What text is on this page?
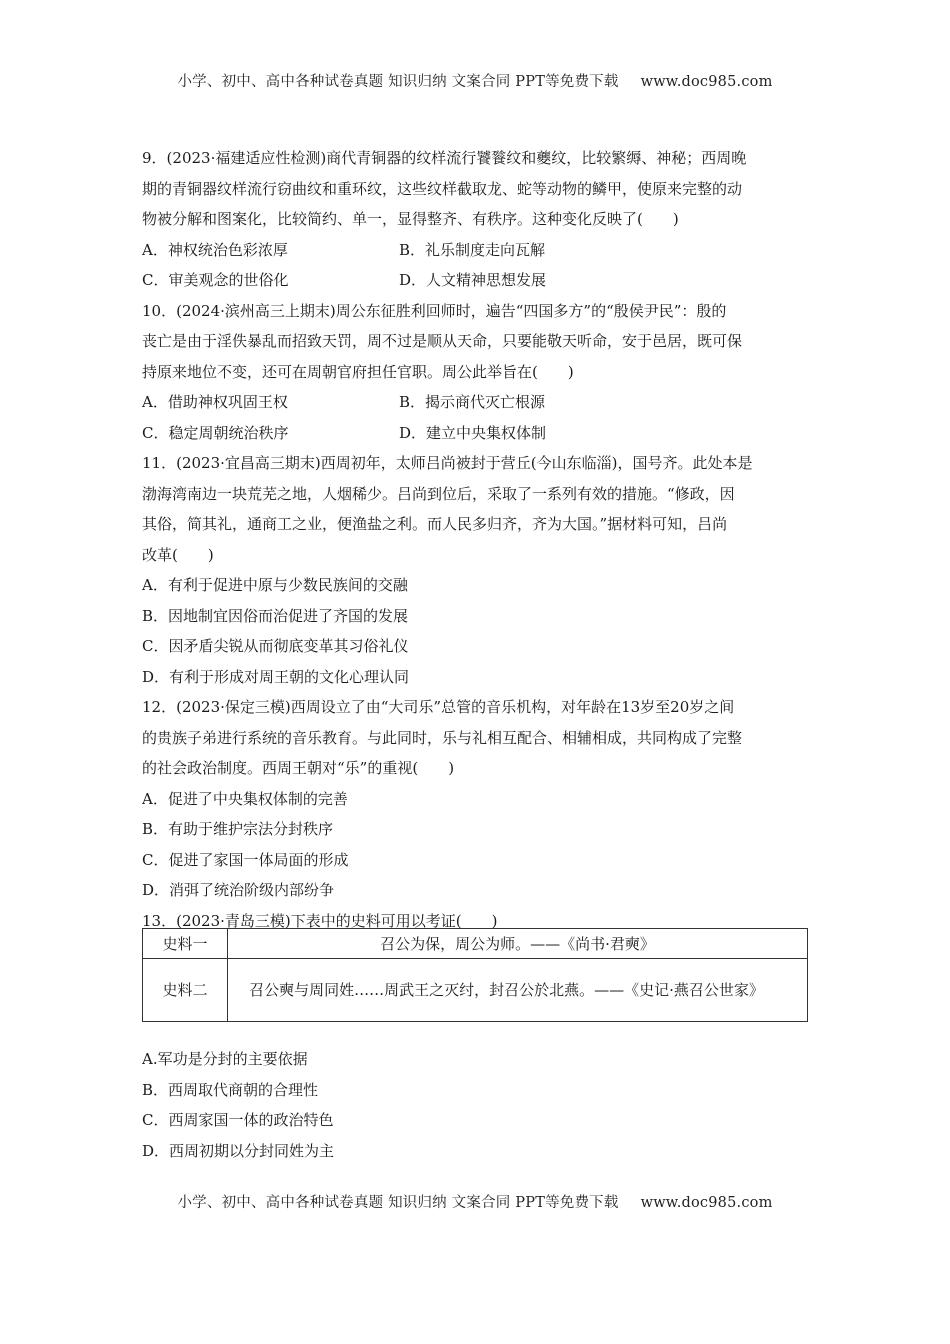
小学、初中、高中各种试卷真题 知识归纳 文案合同 PPT等免费下载 www.doc985.com
9．(2023·福建适应性检测)商代青铜器的纹样流行饕餮纹和夔纹，比较繁缛、神秘；西周晚
期的青铜器纹样流行窃曲纹和重环纹，这些纹样截取龙、蛇等动物的鳞甲，使原来完整的动
物被分解和图案化，比较简约、单一，显得整齐、有秩序。这种变化反映了(　　)
A．神权统治色彩浓厚	B．礼乐制度走向瓦解
C．审美观念的世俗化	D．人文精神思想发展
10．(2024·滨州高三上期末)周公东征胜利回师时，遍告“四国多方”的“殷侯尹民”：殷的
丧亡是由于淫佚暴乱而招致天罚，周不过是顺从天命，只要能敬天听命，安于邑居，既可保
持原来地位不变，还可在周朝官府担任官职。周公此举旨在(　　)
A．借助神权巩固王权	B．揭示商代灭亡根源
C．稳定周朝统治秩序	D．建立中央集权体制
11．(2023·宜昌高三期末)西周初年，太师吕尚被封于营丘(今山东临淄)，国号齐。此处本是
渤海湾南边一块荒芜之地，人烟稀少。吕尚到位后，采取了一系列有效的措施。“修政，因
其俗，简其礼，通商工之业，便渔盐之利。而人民多归齐，齐为大国。”据材料可知，吕尚
改革(　　)
A．有利于促进中原与少数民族间的交融
B．因地制宜因俗而治促进了齐国的发展
C．因矛盾尖锐从而彻底变革其习俗礼仪
D．有利于形成对周王朝的文化心理认同
12．(2023·保定三模)西周设立了由“大司乐”总管的音乐机构，对年龄在13岁至20岁之间
的贵族子弟进行系统的音乐教育。与此同时，乐与礼相互配合、相辅相成，共同构成了完整
的社会政治制度。西周王朝对“乐”的重视(　　)
A．促进了中央集权体制的完善
B．有助于维护宗法分封秩序
C．促进了家国一体局面的形成
D．消弭了统治阶级内部纷争
13．(2023·青岛三模)下表中的史料可用以考证(　　)
史料一	召公为保，周公为师。——《尚书·君奭》
史料二	召公奭与周同姓……周武王之灭纣，封召公於北燕。——《史记·燕召公世家》
A.军功是分封的主要依据
B．西周取代商朝的合理性
C．西周家国一体的政治特色
D．西周初期以分封同姓为主
小学、初中、高中各种试卷真题 知识归纳 文案合同 PPT等免费下载 www.doc985.com
